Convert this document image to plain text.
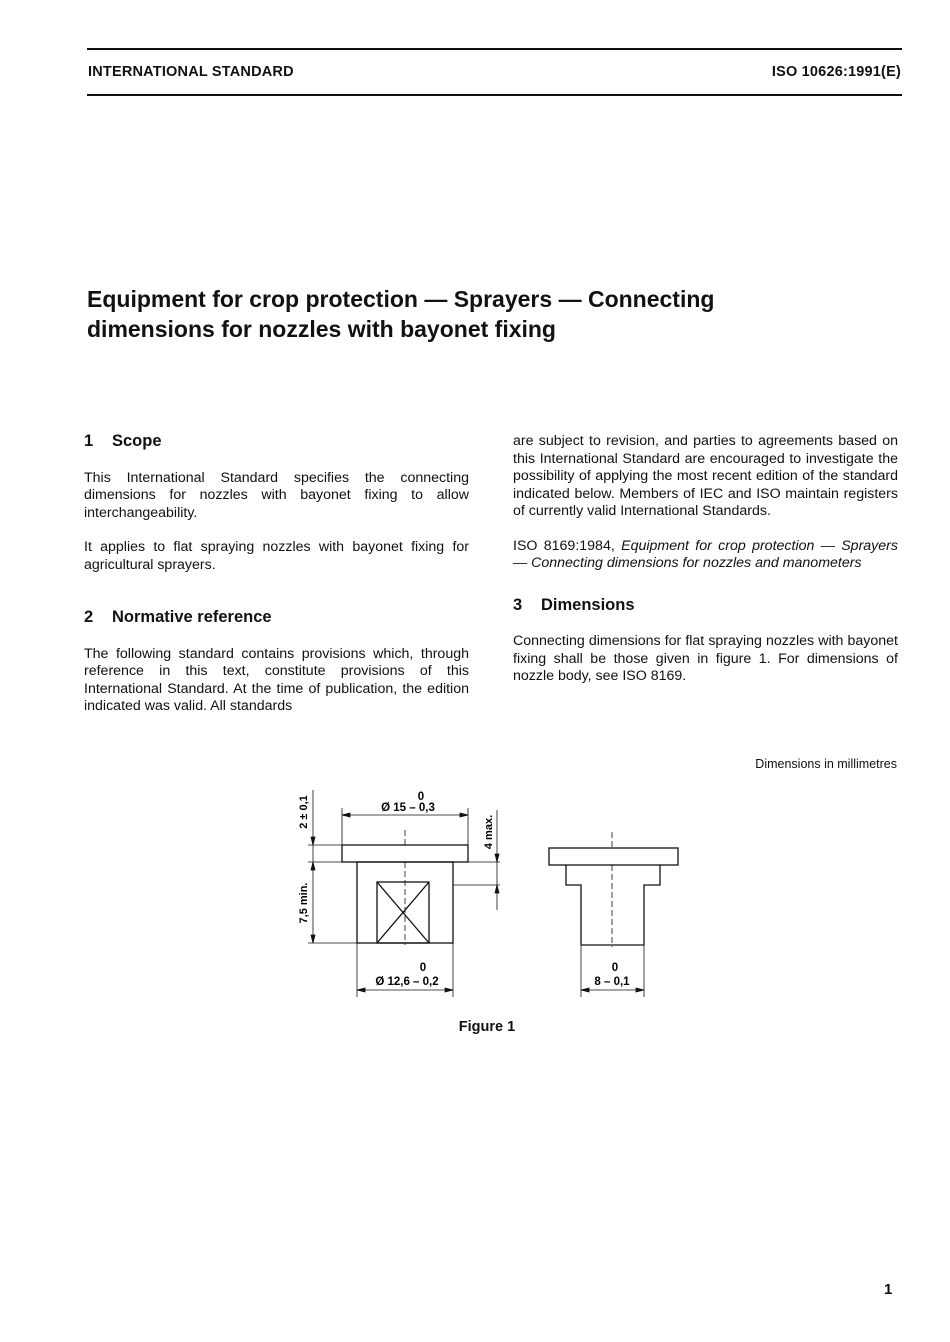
INTERNATIONAL STANDARD	ISO 10626:1991(E)
Equipment for crop protection — Sprayers — Connecting
dimensions for nozzles with bayonet fixing
1 Scope

This International Standard specifies the connecting dimensions for nozzles with bayonet fixing to allow interchangeability.

It applies to flat spraying nozzles with bayonet fixing for agricultural sprayers.

2 Normative reference

The following standard contains provisions which, through reference in this text, constitute provisions of this International Standard. At the time of publication, the edition indicated was valid. All standards

are subject to revision, and parties to agreements based on this International Standard are encouraged to investigate the possibility of applying the most recent edition of the standard indicated below. Members of IEC and ISO maintain registers of currently valid International Standards.

ISO 8169:1984, Equipment for crop protection — Sprayers — Connecting dimensions for nozzles and manometers

3 Dimensions

Connecting dimensions for flat spraying nozzles with bayonet fixing shall be those given in figure 1. For dimensions of nozzle body, see ISO 8169.

Dimensions in millimetres
0
Ø 15 – 0,3
2 ± 0,1
7,5 min.
4 max.
0
Ø 12,6 – 0,2
0
8 – 0,1
Figure 1
1
